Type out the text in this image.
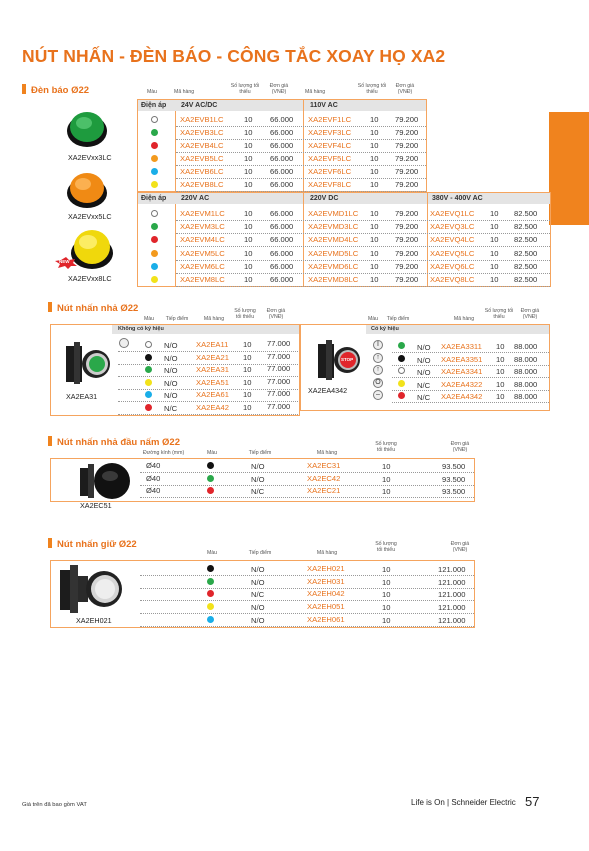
NÚT NHẤN - ĐÈN BÁO - CÔNG TẮC XOAY HỌ XA2
Đèn báo Ø22	Màu	Mã hàng
Số lượng tối thiểu
Đơn giá (VNĐ)	Mã hàng
Số lượng tối thiểu
Đơn giá (VNĐ)
Điện áp 24V AC/DC	110V AC
Điện áp 220V AC	220V DC	380V - 400V AC
XA2EVB1LC	10 66.000 XA2EVF1LC 10 79.200
XA2EVB3LC	10 66.000 XA2EVF3LC 10 79.200
XA2EVB4LC	10 66.000 XA2EVF4LC 10 79.200
XA2EVB5LC	10 66.000 XA2EVF5LC 10 79.200
XA2EVB6LC	10 66.000 XA2EVF6LC 10 79.200
XA2EVB8LC	10 66.000 XA2EVF8LC 10 79.200
XA2EVM1LC	10 66.000 XA2EVMD1LC 10 79.200 XA2EVQ1LC 10 82.500
XA2EVM3LC	10 66.000 XA2EVMD3LC 10 79.200 XA2EVQ3LC 10 82.500
XA2EVM4LC	10 66.000 XA2EVMD4LC 10 79.200 XA2EVQ4LC 10 82.500
XA2EVM5LC	10 66.000 XA2EVMD5LC 10 79.200 XA2EVQ5LC 10 82.500
XA2EVM6LC	10 66.000 XA2EVMD6LC 10 79.200 XA2EVQ6LC 10 82.500
XA2EVM8LC	10 66.000 XA2EVMD8LC 10 79.200 XA2EVQ8LC 10 82.500
XA2EVxx3LC
XA2EVxx5LC
NEW
XA2EVxx8LC
Nút nhấn nhả Ø22
Màu	Tiếp điểm	Mã hàng
Số lượng tối thiểu
Đơn giá (VNĐ)	Tiếp điểm	Mã hàng
Số lượng tối thiểu
Đơn giá (VNĐ)
Màu
Không có ký hiệu	Có ký hiệu
N/O XA2EA11 10 77.000
N/O XA2EA21 10 77.000
N/O XA2EA31 10 77.000
N/O XA2EA51 10 77.000
N/O XA2EA61 10 77.000
N/C XA2EA42 10 77.000
I	N/O XA2EA3311 10 88.000
↑	N/O XA2EA3351 10 88.000
↑	N/O XA2EA3341 10 88.000
O	N/C XA2EA4322 10 88.000
–	N/C XA2EA4342 10 88.000
XA2EA31
STOP
XA2EA4342
Nút nhấn nhả đầu nấm Ø22
Đường kính (mm)	Màu	Tiếp điểm	Mã hàng
Số lượng tối thiểu
Đơn giá (VNĐ)
Ø40	N/O	XA2EC31	10	93.500
Ø40	N/O	XA2EC42	10	93.500
Ø40	N/C	XA2EC21	10	93.500
XA2EC51
Nút nhấn giữ Ø22
Màu	Tiếp điểm	Mã hàng
Số lượng tối thiểu
Đơn giá (VNĐ)
N/O	XA2EH021	10	121.000
N/O	XA2EH031	10	121.000
N/C	XA2EH042	10	121.000
N/O	XA2EH051	10	121.000
N/O	XA2EH061	10	121.000
XA2EH021
Giá trên đã bao gồm VAT	Life is On | Schneider Electric 57
